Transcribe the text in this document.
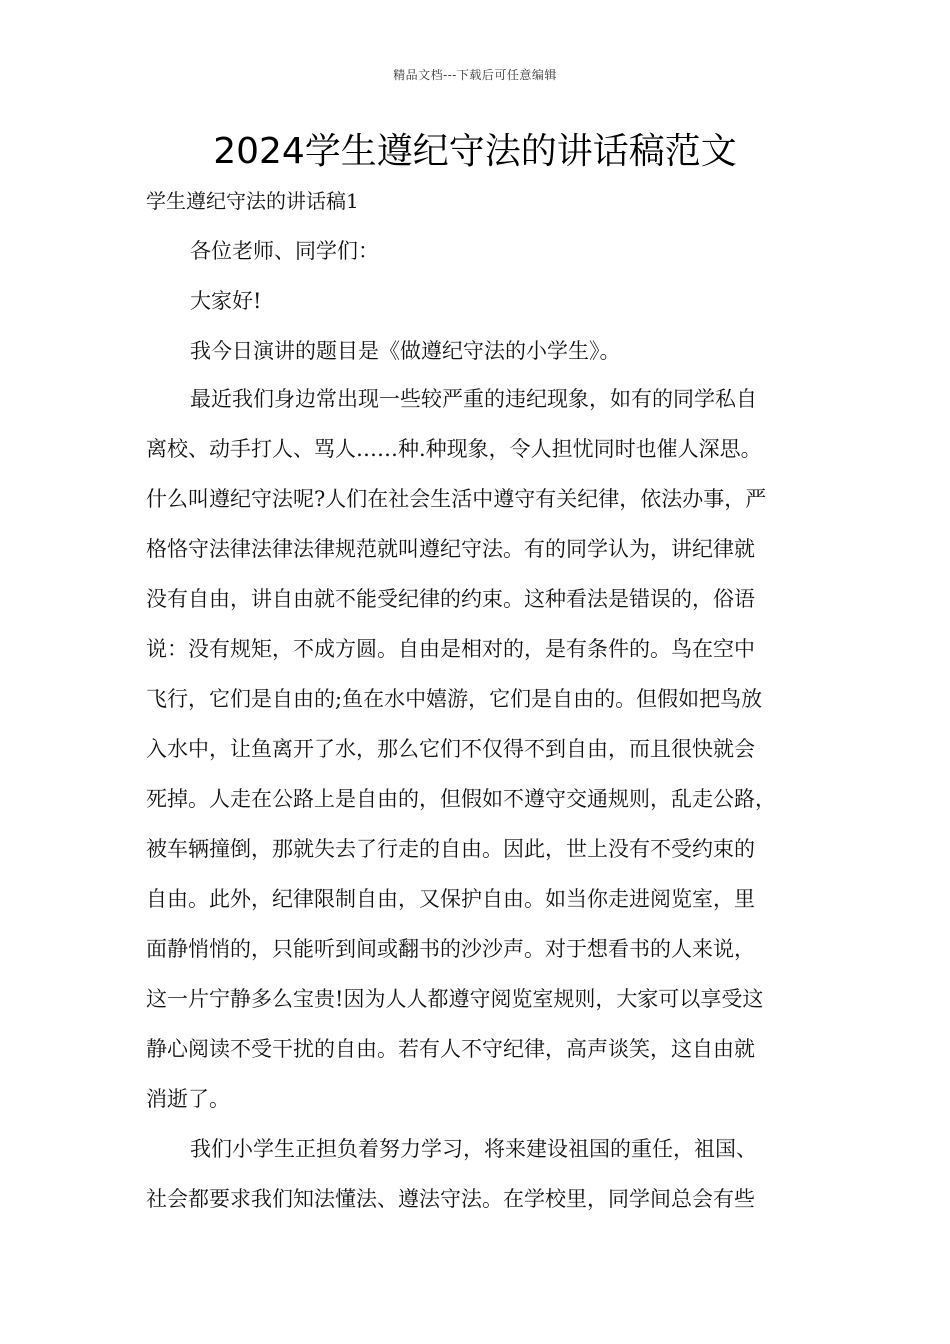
精品文档---下载后可任意编辑
2024学生遵纪守法的讲话稿范文
学生遵纪守法的讲话稿1
各位老师、同学们：
大家好!
我今日演讲的题目是《做遵纪守法的小学生》。
最近我们身边常出现一些较严重的违纪现象，如有的同学私自
离校、动手打人、骂人……种.种现象，令人担忧同时也催人深思。
什么叫遵纪守法呢?人们在社会生活中遵守有关纪律，依法办事，严
格恪守法律法律法律规范就叫遵纪守法。有的同学认为，讲纪律就
没有自由，讲自由就不能受纪律的约束。这种看法是错误的，俗语
说：没有规矩，不成方圆。自由是相对的，是有条件的。鸟在空中
飞行，它们是自由的;鱼在水中嬉游，它们是自由的。但假如把鸟放
入水中，让鱼离开了水，那么它们不仅得不到自由，而且很快就会
死掉。人走在公路上是自由的，但假如不遵守交通规则，乱走公路，
被车辆撞倒，那就失去了行走的自由。因此，世上没有不受约束的
自由。此外，纪律限制自由，又保护自由。如当你走进阅览室，里
面静悄悄的，只能听到间或翻书的沙沙声。对于想看书的人来说，
这一片宁静多么宝贵!因为人人都遵守阅览室规则，大家可以享受这
静心阅读不受干扰的自由。若有人不守纪律，高声谈笑，这自由就
消逝了。
我们小学生正担负着努力学习，将来建设祖国的重任，祖国、
社会都要求我们知法懂法、遵法守法。在学校里，同学间总会有些
